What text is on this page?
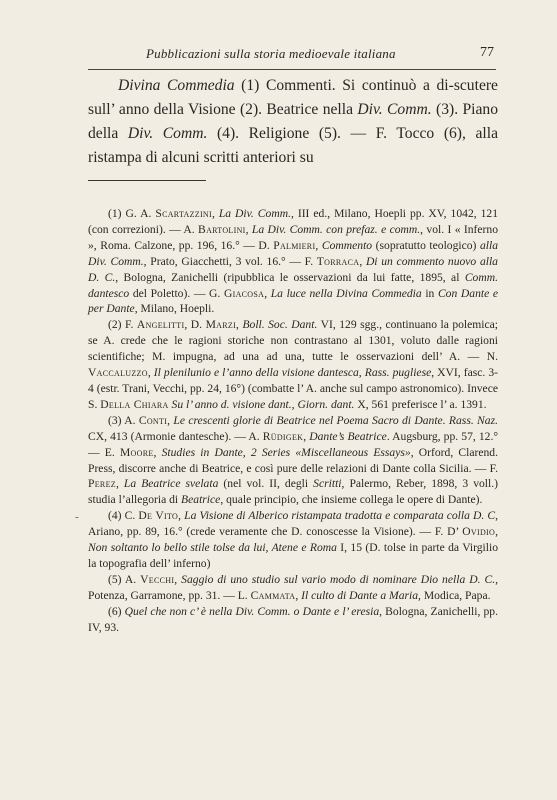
Pubblicazioni sulla storia medioevale italiana	77

Divina Commedia (1) Commenti. Si continuò a di-scutere sull’ anno della Visione (2). Beatrice nella Div. Comm. (3). Piano della Div. Comm. (4). Religione (5). — F. Tocco (6), alla ristampa di alcuni scritti anteriori su

(1) G. A. Scartazzini, La Div. Comm., III ed., Milano, Hoepli pp. XV, 1042, 121 (con correzioni). — A. Bartolini, La Div. Comm. con prefaz. e comm., vol. I « Inferno », Roma. Calzone, pp. 196, 16.° — D. Palmieri, Commento (sopratutto teologico) alla Div. Comm., Prato, Giacchetti, 3 vol. 16.° — F. Torraca, Di un commento nuovo alla D. C., Bologna, Zanichelli (ripubblica le osservazioni da lui fatte, 1895, al Comm. dantesco del Poletto). — G. Giacosa, La luce nella Divina Commedia in Con Dante e per Dante, Milano, Hoepli.

(2) F. Angelitti, D. Marzi, Boll. Soc. Dant. VI, 129 sgg., continuano la polemica; se A. crede che le ragioni storiche non contrastano al 1301, voluto dalle ragioni scientifiche; M. impugna, ad una ad una, tutte le osservazioni dell’ A. — N. Vaccaluzzo, Il plenilunio e l’anno della visione dantesca, Rass. pugliese, XVI, fasc. 3-4 (estr. Trani, Vecchi, pp. 24, 16°) (combatte l’ A. anche sul campo astronomico). Invece S. Della Chiara Su l’ anno d. visione dant., Giorn. dant. X, 561 preferisce l’ a. 1391.

(3) A. Conti, Le crescenti glorie di Beatrice nel Poema Sacro di Dante. Rass. Naz. CX, 413 (Armonie dantesche). — A. Rüdigek, Dante’s Beatrice. Augsburg, pp. 57, 12.° — E. Moore, Studies in Dante, 2 Series «Miscellaneous Essays», Orford, Clarend. Press, discorre anche di Beatrice, e così pure delle relazioni di Dante colla Sicilia. — F. Perez, La Beatrice svelata (nel vol. II, degli Scritti, Palermo, Reber, 1898, 3 voll.) studia l’allegoria di Beatrice, quale principio, che insieme collega le opere di Dante).

(4) C. De Vito, La Visione di Alberico ristampata tradotta e comparata colla D. C, Ariano, pp. 89, 16.° (crede veramente che D. conoscesse la Visione). — F. D’ Ovidio, Non soltanto lo bello stile tolse da lui, Atene e Roma I, 15 (D. tolse in parte da Virgilio la topografia dell’ inferno)

(5) A. Vecchi, Saggio di uno studio sul vario modo di nominare Dio nella D. C., Potenza, Garramone, pp. 31. — L. Cammata, Il culto di Dante a Maria, Modica, Papa.

(6) Quel che non c’ è nella Div. Comm. o Dante e l’ eresia, Bologna, Zanichelli, pp. IV, 93.

-
